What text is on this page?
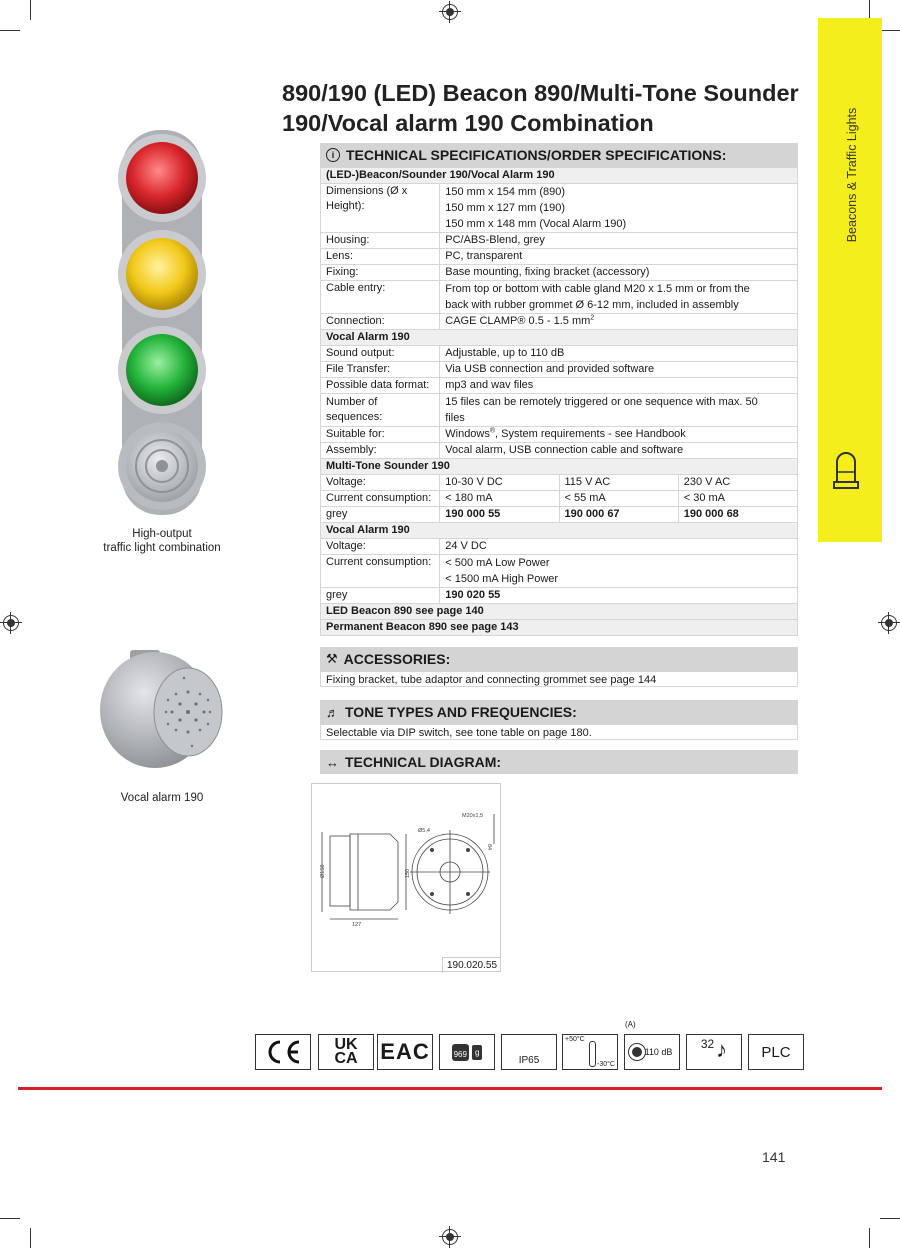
Beacons & Traffic Lights
890/190 (LED) Beacon 890/Multi-Tone Sounder
190/Vocal alarm 190 Combination
High-output
traffic light combination
Vocal alarm 190
i TECHNICAL SPECIFICATIONS/ORDER SPECIFICATIONS:
(LED-)Beacon/Sounder 190/Vocal Alarm 190			
Dimensions (Ø x Height):	150 mm x 154 mm (890)
150 mm x 127 mm (190)
150 mm x 148 mm (Vocal Alarm 190)		

Housing:	PC/ABS-Blend, grey		
Lens:	PC, transparent		
Fixing:	Base mounting, fixing bracket (accessory)		
Cable entry:	From top or bottom with cable gland M20 x 1.5 mm or from the
back with rubber grommet Ø 6-12 mm, included in assembly		

Connection:	CAGE CLAMP® 0.5 - 1.5 $mm^2$
Vocal Alarm 190			
Sound output:	Adjustable, up to 110 dB		
File Transfer:	Via USB connection and provided software		
Possible data format:	mp3 and wav files		
Number of sequences:	15 files can be remotely triggered or one sequence with max. 50
files		

Suitable for:	Windows®, System requirements - see Handbook		
Assembly:	Vocal alarm, USB connection cable and software		
Multi-Tone Sounder 190			
Voltage:	10-30 V DC	115 V AC	230 V AC
Current consumption:	< 180 mA	< 55 mA	< 30 mA
grey	190 000 55	190 000 67	190 000 68
Vocal Alarm 190			
Voltage:	24 V DC		
Current consumption:	< 500 mA Low Power
< 1500 mA High Power		

grey	190 020 55		
LED Beacon 890 see page 140			
Permanent Beacon 890 see page 143			
⚒ ACCESSORIES:
Fixing bracket, tube adaptor and connecting grommet see page 144
♬ TONE TYPES AND FREQUENCIES:
Selectable via DIP switch, see tone table on page 180.
↔ TECHNICAL DIAGRAM:
M20x1,5
Ø5,4
127
Ø150	150
84
190.020.55
UK
CA EAC	969	g
IP65
+50°C
-30°C
(A)
110 dB
32 ♪	PLC
141
